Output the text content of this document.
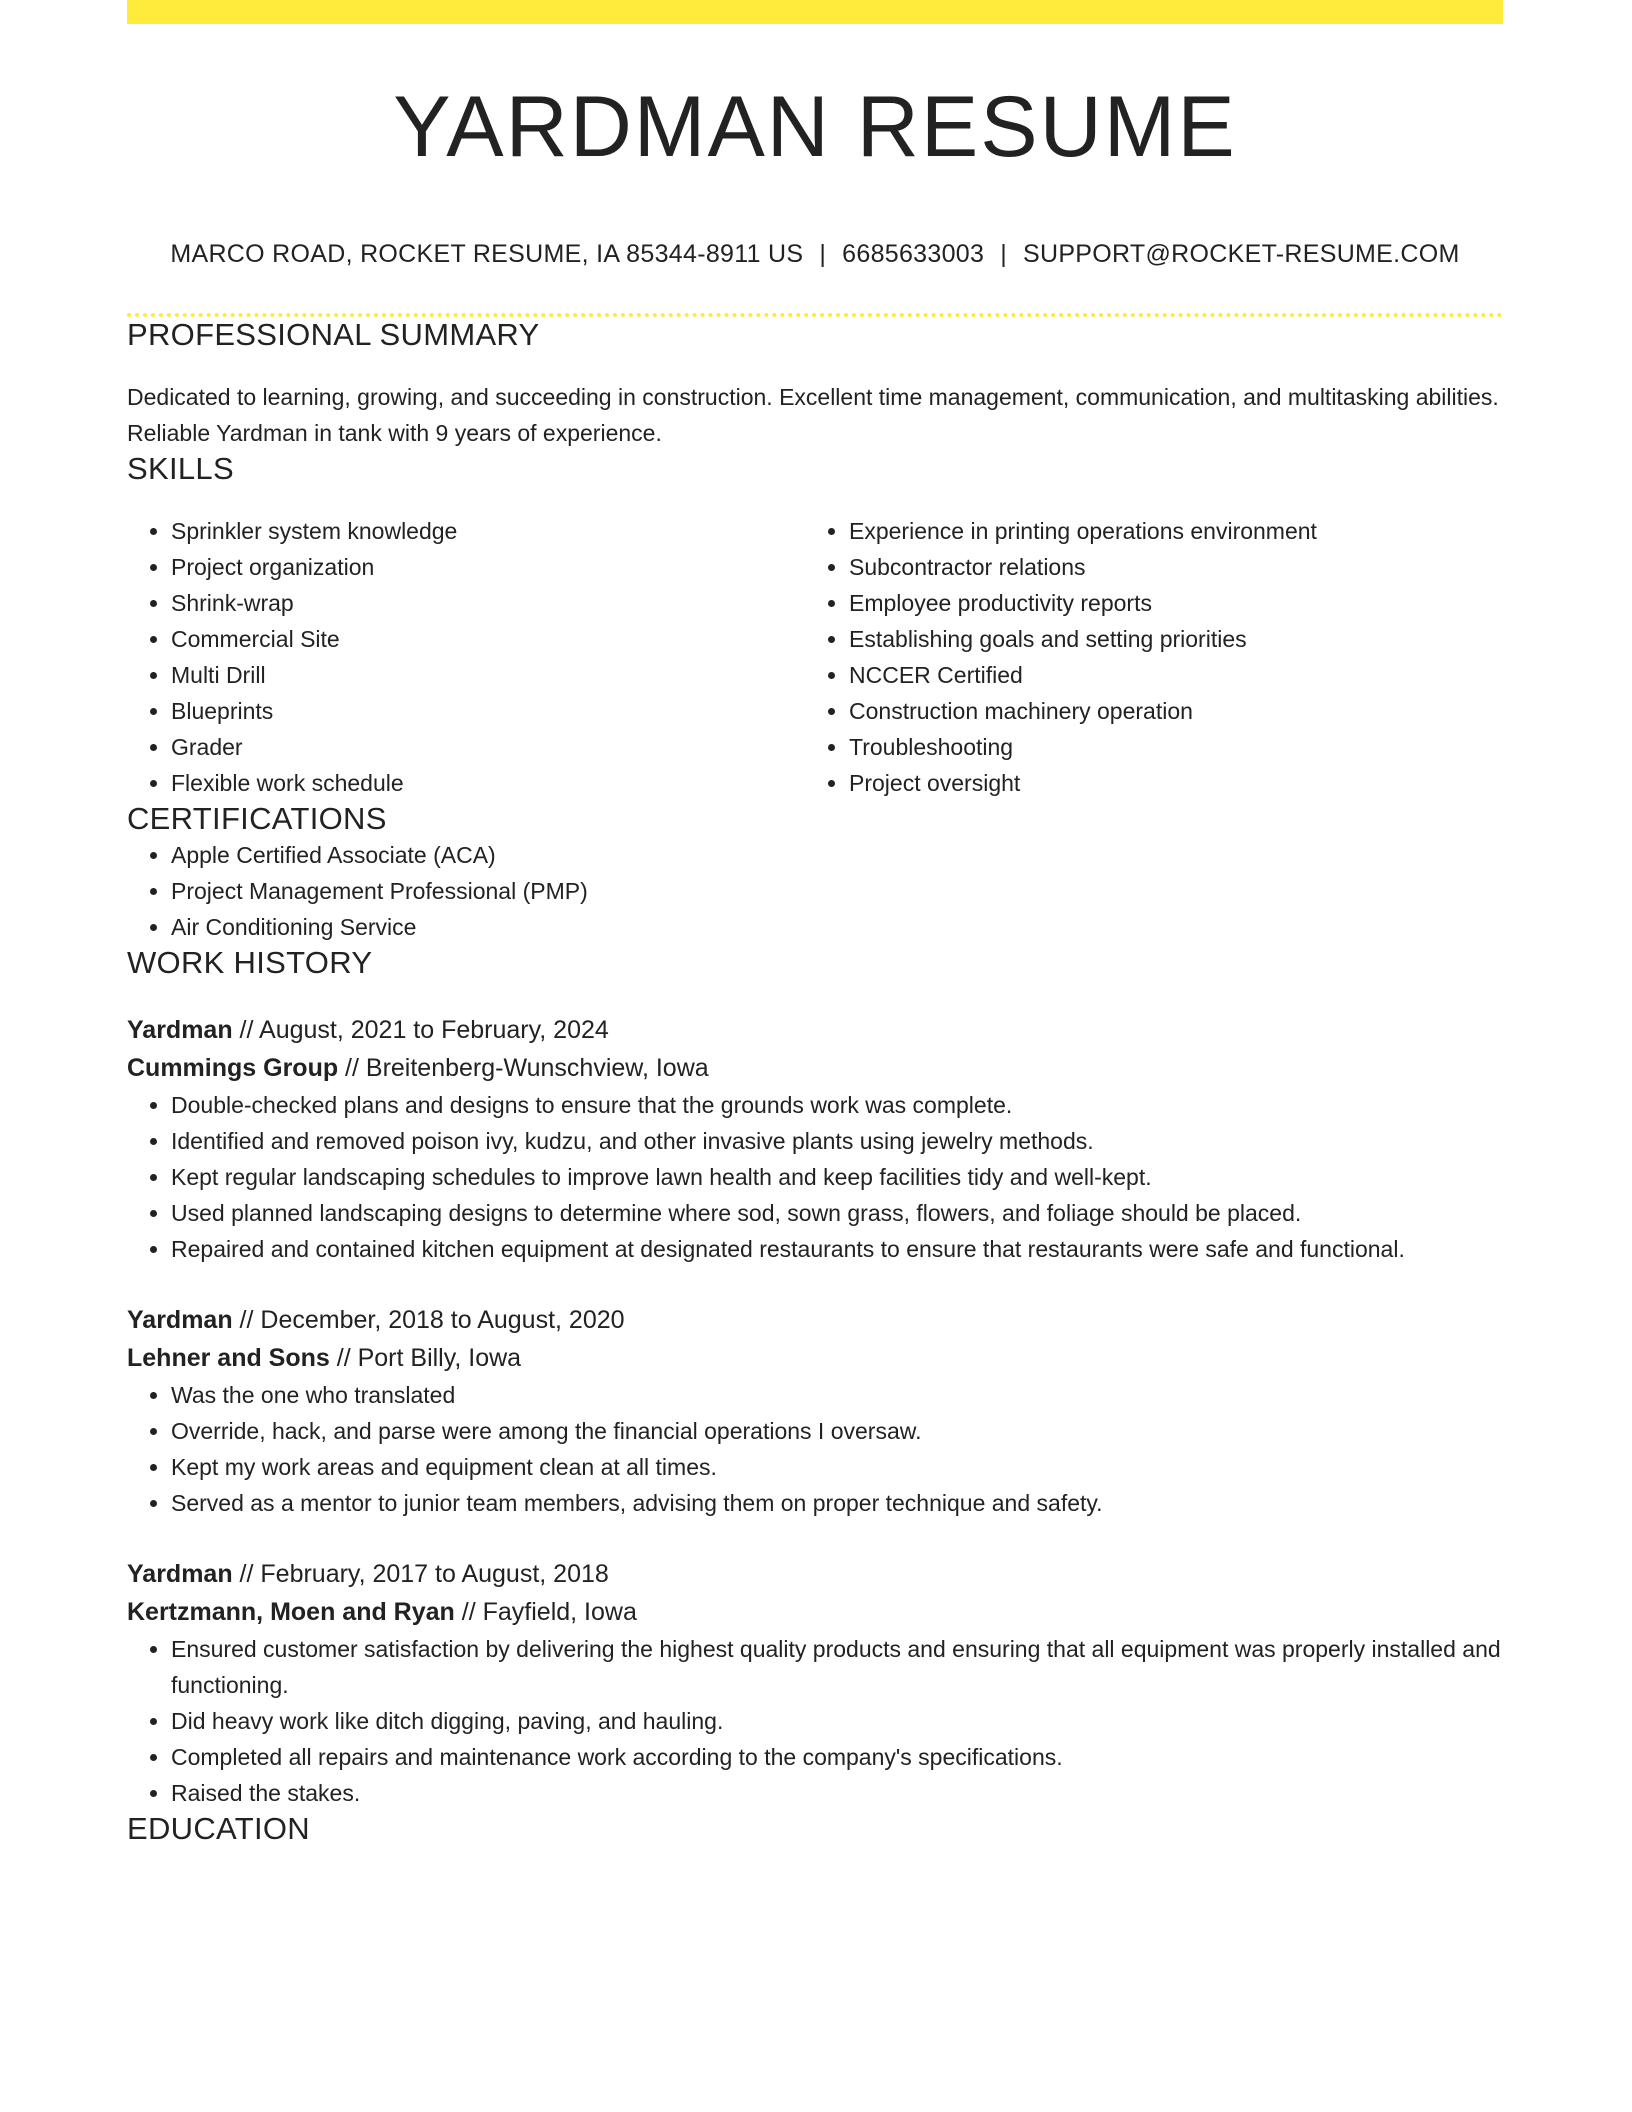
YARDMAN RESUME
MARCO ROAD, ROCKET RESUME, IA 85344-8911 US | 6685633003 | SUPPORT@ROCKET-RESUME.COM
PROFESSIONAL SUMMARY
Dedicated to learning, growing, and succeeding in construction. Excellent time management, communication, and multitasking abilities. Reliable Yardman in tank with 9 years of experience.
SKILLS
• Sprinkler system knowledge
• Project organization
• Shrink-wrap
• Commercial Site
• Multi Drill
• Blueprints
• Grader
• Flexible work schedule
• Experience in printing operations environment
• Subcontractor relations
• Employee productivity reports
• Establishing goals and setting priorities
• NCCER Certified
• Construction machinery operation
• Troubleshooting
• Project oversight
CERTIFICATIONS
• Apple Certified Associate (ACA)
• Project Management Professional (PMP)
• Air Conditioning Service
WORK HISTORY
Yardman // August, 2021 to February, 2024
Cummings Group // Breitenberg-Wunschview, Iowa
• Double-checked plans and designs to ensure that the grounds work was complete.
• Identified and removed poison ivy, kudzu, and other invasive plants using jewelry methods.
• Kept regular landscaping schedules to improve lawn health and keep facilities tidy and well-kept.
• Used planned landscaping designs to determine where sod, sown grass, flowers, and foliage should be placed.
• Repaired and contained kitchen equipment at designated restaurants to ensure that restaurants were safe and functional.
Yardman // December, 2018 to August, 2020
Lehner and Sons // Port Billy, Iowa
• Was the one who translated
• Override, hack, and parse were among the financial operations I oversaw.
• Kept my work areas and equipment clean at all times.
• Served as a mentor to junior team members, advising them on proper technique and safety.
Yardman // February, 2017 to August, 2018
Kertzmann, Moen and Ryan // Fayfield, Iowa
• Ensured customer satisfaction by delivering the highest quality products and ensuring that all equipment was properly installed and functioning.
• Did heavy work like ditch digging, paving, and hauling.
• Completed all repairs and maintenance work according to the company's specifications.
• Raised the stakes.
EDUCATION
